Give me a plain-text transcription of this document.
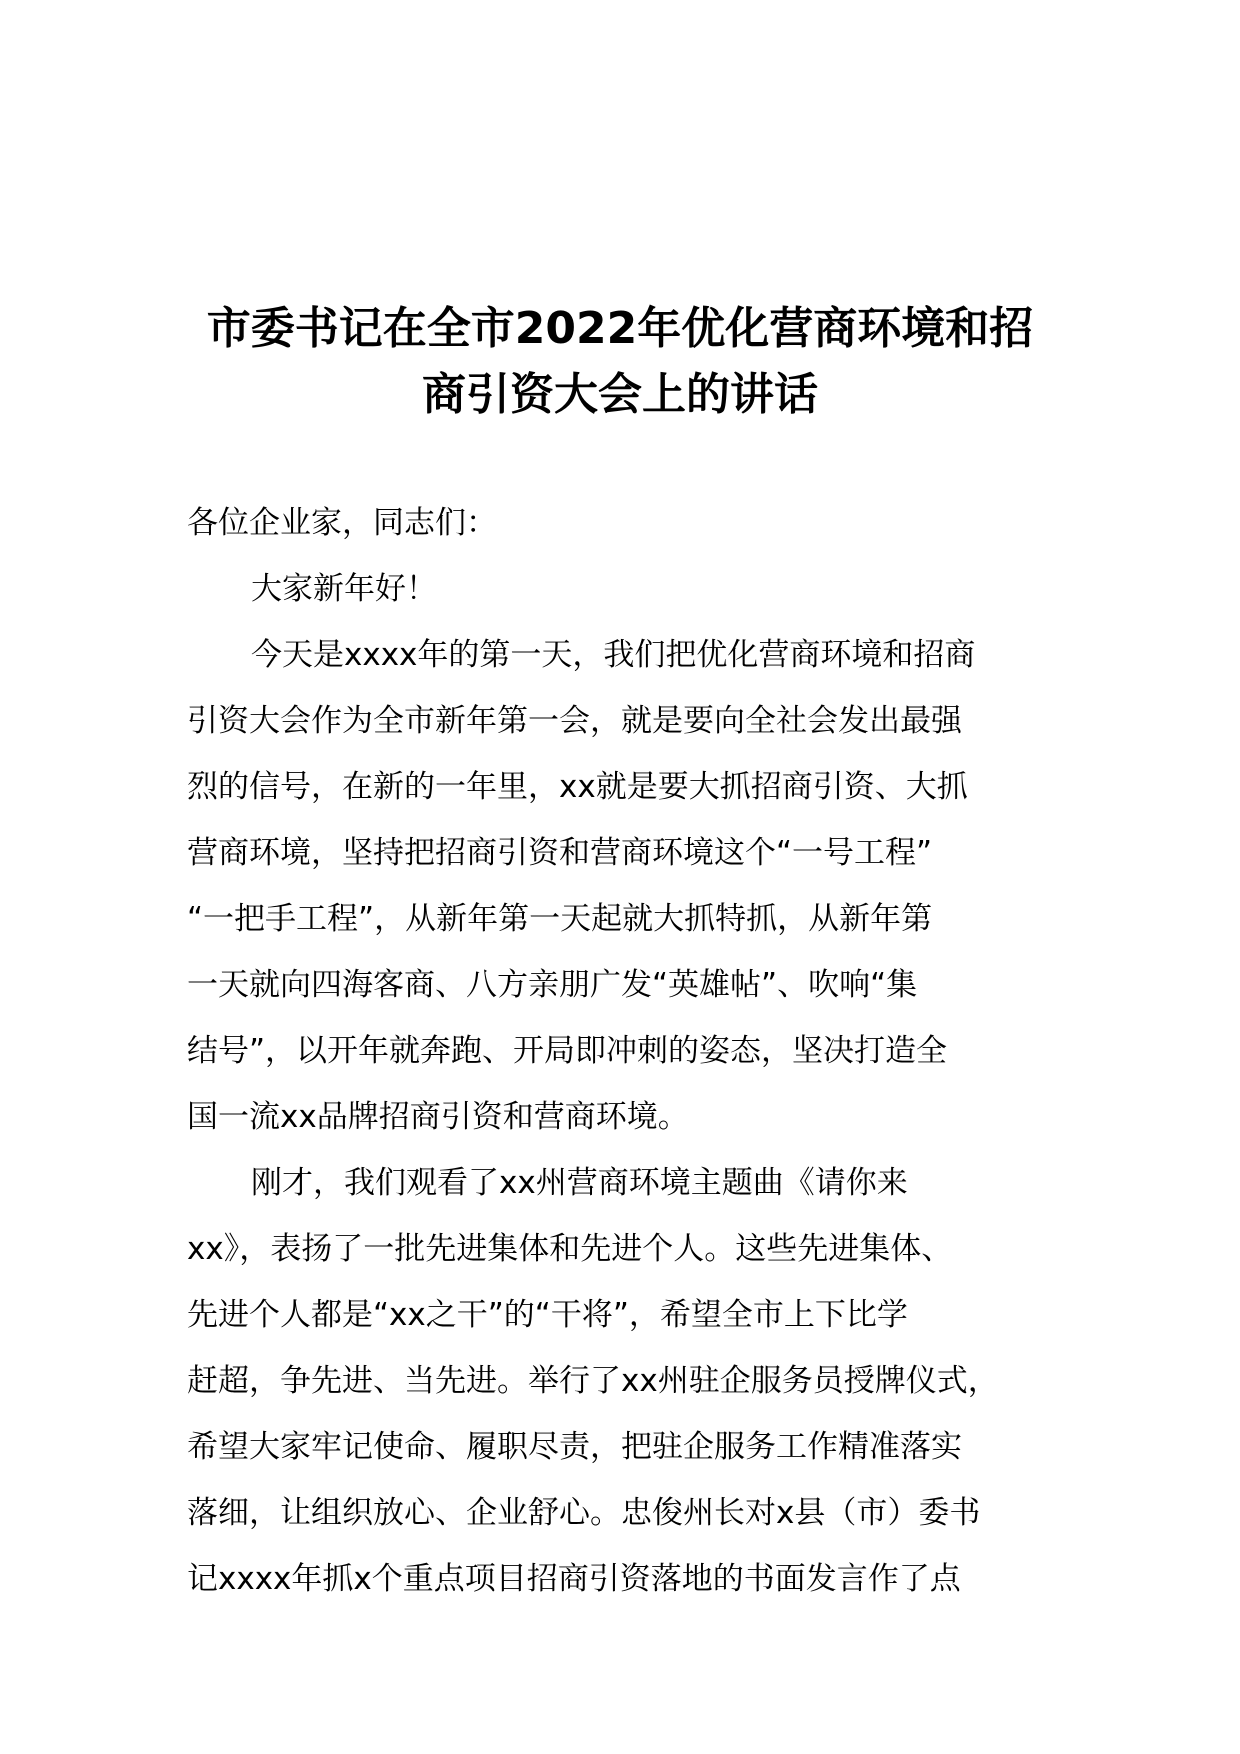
市委书记在全市2022年优化营商环境和招
商引资大会上的讲话
各位企业家，同志们：
大家新年好！
今天是xxxx年的第一天，我们把优化营商环境和招商
引资大会作为全市新年第一会，就是要向全社会发出最强
烈的信号，在新的一年里，xx就是要大抓招商引资、大抓
营商环境，坚持把招商引资和营商环境这个“一号工程”
“一把手工程”，从新年第一天起就大抓特抓，从新年第
一天就向四海客商、八方亲朋广发“英雄帖”、吹响“集
结号”，以开年就奔跑、开局即冲刺的姿态，坚决打造全
国一流xx品牌招商引资和营商环境。
刚才，我们观看了xx州营商环境主题曲《请你来
xx》，表扬了一批先进集体和先进个人。这些先进集体、
先进个人都是“xx之干”的“干将”，希望全市上下比学
赶超，争先进、当先进。举行了xx州驻企服务员授牌仪式，
希望大家牢记使命、履职尽责，把驻企服务工作精准落实
落细，让组织放心、企业舒心。忠俊州长对x县（市）委书
记xxxx年抓x个重点项目招商引资落地的书面发言作了点
